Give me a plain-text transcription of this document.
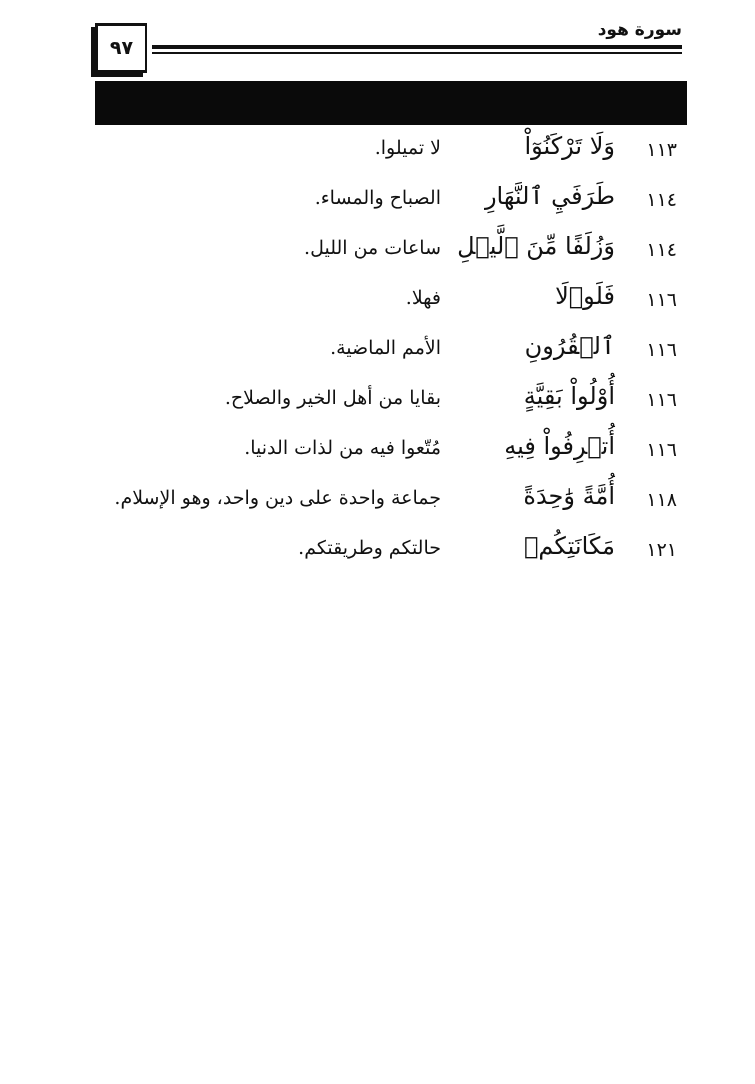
٩٧
سورة هود
١١٣
وَلَا تَرْكَنُوٓاْ
لا تميلوا.
١١٤
طَرَفَيِ ٱلنَّهَارِ
الصباح والمساء.
١١٤
وَزُلَفًا مِّنَ ٱلَّيۡلِ
ساعات من الليل.
١١٦
فَلَوۡلَا
فهلا.
١١٦
ٱلۡقُرُونِ
الأمم الماضية.
١١٦
أُوْلُواْ بَقِيَّةٍ
بقايا من أهل الخير والصلاح.
١١٦
أُتۡرِفُواْ فِيهِ
مُتّعوا فيه من لذات الدنيا.
١١٨
أُمَّةً وَٰحِدَةً
جماعة واحدة على دين واحد، وهو الإسلام.
١٢١
مَكَانَتِكُمۡ
حالتكم وطريقتكم.
